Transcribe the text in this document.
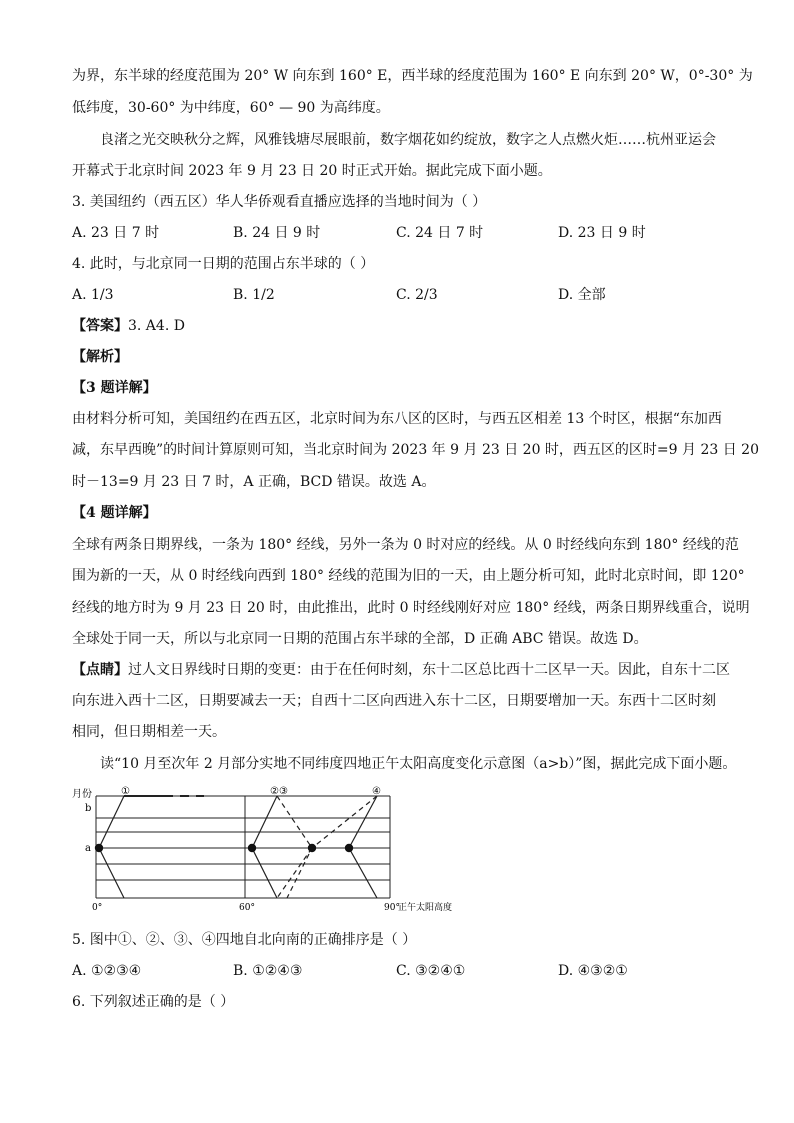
为界，东半球的经度范围为 20° W 向东到 160° E，西半球的经度范围为 160° E 向东到 20° W，0°-30° 为
低纬度，30-60° 为中纬度，60° — 90 为高纬度。
良渚之光交映秋分之辉，风雅钱塘尽展眼前，数字烟花如约绽放，数字之人点燃火炬……杭州亚运会
开幕式于北京时间 2023 年 9 月 23 日 20 时正式开始。据此完成下面小题。
3. 美国纽约（西五区）华人华侨观看直播应选择的当地时间为（ ）
A. 23 日 7 时	B. 24 日 9 时	C. 24 日 7 时	D. 23 日 9 时
4. 此时，与北京同一日期的范围占东半球的（ ）
A. 1/3	B. 1/2	C. 2/3	D. 全部
【答案】3. A4. D
【解析】
【3 题详解】
由材料分析可知，美国纽约在西五区，北京时间为东八区的区时，与西五区相差 13 个时区，根据“东加西
减，东早西晚”的时间计算原则可知，当北京时间为 2023 年 9 月 23 日 20 时，西五区的区时=9 月 23 日 20
时－13=9 月 23 日 7 时，A 正确，BCD 错误。故选 A。
【4 题详解】
全球有两条日期界线，一条为 180° 经线，另外一条为 0 时对应的经线。从 0 时经线向东到 180° 经线的范
围为新的一天，从 0 时经线向西到 180° 经线的范围为旧的一天，由上题分析可知，此时北京时间，即 120°
经线的地方时为 9 月 23 日 20 时，由此推出，此时 0 时经线刚好对应 180° 经线，两条日期界线重合，说明
全球处于同一天，所以与北京同一日期的范围占东半球的全部，D 正确 ABC 错误。故选 D。
【点睛】过人文日界线时日期的变更：由于在任何时刻，东十二区总比西十二区早一天。因此，自东十二区
向东进入西十二区，日期要减去一天；自西十二区向西进入东十二区，日期要增加一天。东西十二区时刻
相同，但日期相差一天。
读“10 月至次年 2 月部分实地不同纬度四地正午太阳高度变化示意图（a>b）”图，据此完成下面小题。
月份
b
a
0°	60°	90°
正午太阳高度
①	②③	④
5. 图中①、②、③、④四地自北向南的正确排序是（ ）
A. ①②③④	B. ①②④③	C. ③②④①	D. ④③②①
6. 下列叙述正确的是（ ）
